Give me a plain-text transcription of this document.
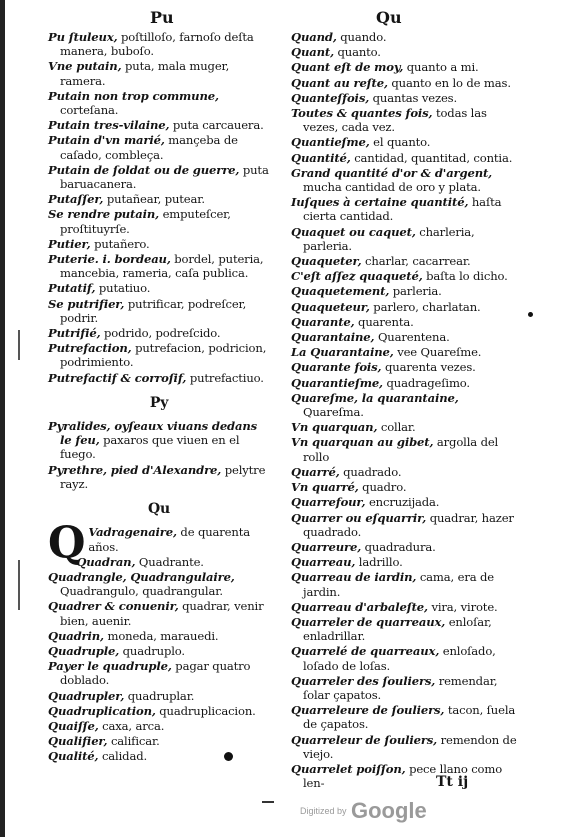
Pu	Qu
Pu ſtuleux, poſtilloſo, farnoſo deſta manera, buboſo.
Vne putain, puta, mala muger, ramera.
Putain non trop commune, corteſana.
Putain tres-vilaine, puta carcauera.
Putain d'vn marié, mançeba de caſado, combleça.
Putain de ſoldat ou de guerre, puta baruacanera.
Putaſſer, putañear, putear.
Se rendre putain, emputeſcer, proſtituyrſe.
Putier, putañero.
Puterie. i. bordeau, bordel, puteria, mancebia, rameria, caſa publica.
Putatif, putatiuo.
Se putrifier, putrificar, podreſcer, podrir.
Putrifié, podrido, podreſcido.
Putrefaction, putrefacion, podricion, podrimiento.
Putrefactif & corroſif, putrefactiuo.
Py
Pyralides, oyſeaux viuans dedans le feu, paxaros que viuen en el fuego.
Pyrethre, pied d'Alexandre, pelytre rayz.
Qu
Q Vadragenaire, de quarenta años.
Quadran, Quadrante.
Quadrangle, Quadrangulaire, Quadrangulo, quadrangular.
Quadrer & conuenir, quadrar, venir bien, auenir.
Quadrin, moneda, marauedi.
Quadruple, quadruplo.
Payer le quadruple, pagar quatro doblado.
Quadrupler, quadruplar.
Quadruplication, quadruplicacion.
Quaiſſe, caxa, arca.
Qualifier, calificar.
Qualité, calidad.
Quand, quando.
Quant, quanto.
Quant eſt de moy, quanto a mi.
Quant au reſte, quanto en lo de mas.
Quanteſfois, quantas vezes.
Toutes & quantes fois, todas las vezes, cada vez.
Quantieſme, el quanto.
Quantité, cantidad, quantitad, contia.
Grand quantité d'or & d'argent, mucha cantidad de oro y plata.
Iuſques à certaine quantité, haſta cierta cantidad.
Quaquet ou caquet, charleria, parleria.
Quaqueter, charlar, cacarrear.
C'eſt aſſez quaqueté, baſta lo dicho.
Quaquetement, parleria.
Quaqueteur, parlero, charlatan.
Quarante, quarenta.
Quarantaine, Quarentena.
La Quarantaine, vee Quareſme.
Quarante fois, quarenta vezes.
Quarantieſme, quadrageſimo.
Quareſme, la quarantaine, Quareſma.
Vn quarquan, collar.
Vn quarquan au gibet, argolla del rollo
Quarré, quadrado.
Vn quarré, quadro.
Quarrefour, encruzijada.
Quarrer ou eſquarrir, quadrar, hazer quadrado.
Quarreure, quadradura.
Quarreau, ladrillo.
Quarreau de iardin, cama, era de jardin.
Quarreau d'arbaleſte, vira, virote.
Quarreler de quarreaux, enloſar, enladrillar.
Quarrelé de quarreaux, enloſado, loſado de loſas.
Quarreler des ſouliers, remendar, ſolar çapatos.
Quarreleure de ſouliers, tacon, ſuela de çapatos.
Quarreleur de ſouliers, remendon de viejo.
Quarrelet poiſſon, pece llano como len-	Tt ij
Digitized by Google
